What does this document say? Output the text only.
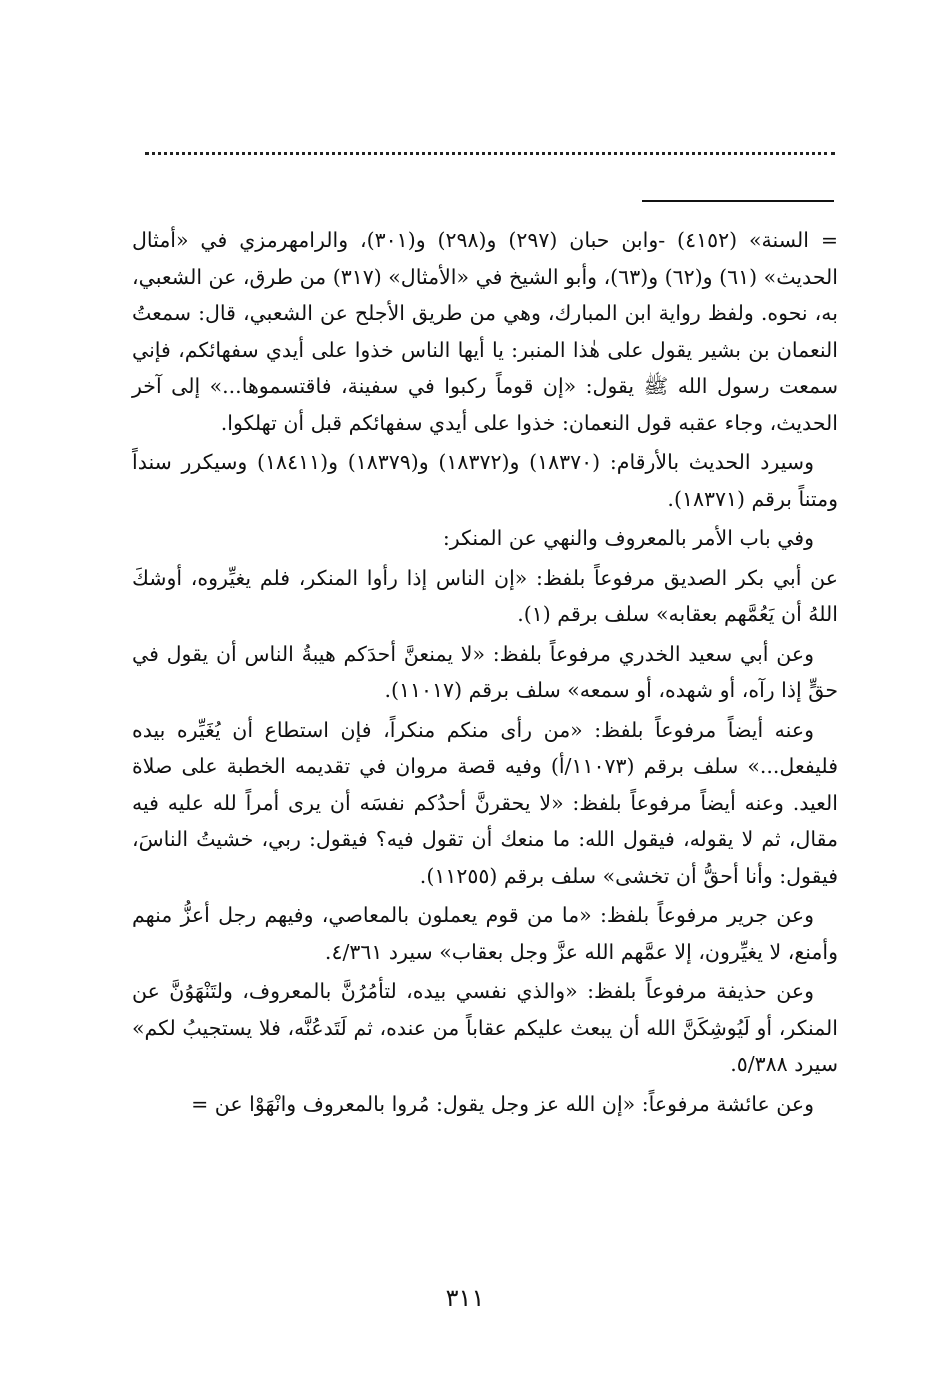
= السنة» (٤١٥٢) -وابن حبان (٢٩٧) و(٢٩٨) و(٣٠١)، والرامهرمزي في «أمثال الحديث» (٦١) و(٦٢) و(٦٣)، وأبو الشيخ في «الأمثال» (٣١٧) من طرق، عن الشعبي، به، نحوه. ولفظ رواية ابن المبارك، وهي من طريق الأجلح عن الشعبي، قال: سمعتُ النعمان بن بشير يقول على هٰذا المنبر: يا أيها الناس خذوا على أيدي سفهائكم، فإني سمعت رسول الله ﷺ يقول: «إن قوماً ركبوا في سفينة، فاقتسموها...» إلى آخر الحديث، وجاء عقبه قول النعمان: خذوا على أيدي سفهائكم قبل أن تهلكوا.

وسيرد الحديث بالأرقام: (١٨٣٧٠) و(١٨٣٧٢) و(١٨٣٧٩) و(١٨٤١١) وسيكرر سنداً ومتناً برقم (١٨٣٧١).

وفي باب الأمر بالمعروف والنهي عن المنكر:

عن أبي بكر الصديق مرفوعاً بلفظ: «إن الناس إذا رأوا المنكر، فلم يغيِّروه، أوشكَ اللهُ أن يَعُمَّهم بعقابه» سلف برقم (١).

وعن أبي سعيد الخدري مرفوعاً بلفظ: «لا يمنعنَّ أحدَكم هيبةُ الناس أن يقول في حقٍّ إذا رآه، أو شهده، أو سمعه» سلف برقم (١١٠١٧).

وعنه أيضاً مرفوعاً بلفظ: «من رأى منكم منكراً، فإن استطاع أن يُغَيِّره بيده فليفعل...» سلف برقم (١١٠٧٣/أ) وفيه قصة مروان في تقديمه الخطبة على صلاة العيد. وعنه أيضاً مرفوعاً بلفظ: «لا يحقرنَّ أحدُكم نفسَه أن يرى أمراً لله عليه فيه مقال، ثم لا يقوله، فيقول الله: ما منعك أن تقول فيه؟ فيقول: ربي، خشيتُ الناسَ، فيقول: وأنا أحقُّ أن تخشى» سلف برقم (١١٢٥٥).

وعن جرير مرفوعاً بلفظ: «ما من قوم يعملون بالمعاصي، وفيهم رجل أعزُّ منهم وأمنع، لا يغيِّرون، إلا عمَّهم الله عزَّ وجل بعقاب» سيرد ٤/٣٦١.

وعن حذيفة مرفوعاً بلفظ: «والذي نفسي بيده، لتأمُرُنَّ بالمعروف، ولتَنْهَوُنَّ عن المنكر، أو لَيُوشِكَنَّ الله أن يبعث عليكم عقاباً من عنده، ثم لَتَدعُنَّه، فلا يستجيبُ لكم» سيرد ٥/٣٨٨.

وعن عائشة مرفوعاً: «إن الله عز وجل يقول: مُروا بالمعروف وانْهَوْا عن =

٣١١
